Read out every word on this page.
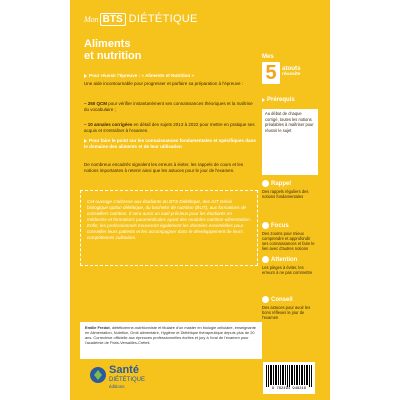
Mon BTS DIÉTÉTIQUE
Aliments
et nutrition
Pour réussir l'épreuve : « Aliments et Nutrition »
Une aide incontournable pour progresser et parfaire sa préparation à l'épreuve :
– 250 QCM pour vérifier instantanément ses connaissances théoriques et la maîtrise du vocabulaire ;
– 10 annales corrigées en détail des sujets 2013 à 2022 pour mettre en pratique ses acquis et s'entraîner à l'examen.
Pour faire le point sur les connaissances fondamentales et spécifiques dans le domaine des aliments et de leur utilisation
De nombreux encadrés signalent les erreurs à éviter, les rappels de cours et les notions importantes à retenir ainsi que les astuces pour le jour de l'examen.
Cet ouvrage s'adresse aux étudiants du BTS Diététique, des IUT Génie biologique option diététique, du bachelor de nutrition (BUT), aux formations de conseillers nutrition. Il sera aussi un outil précieux pour les étudiants en médecine et formations paramédicales ayant des modules nutrition-alimentation. Enfin, les professionnels trouveront également les données essentielles pour conseiller leurs patients et les accompagner dans le développement de leurs compétences culinaires.
Emilie Fredot, diététicienne-nutritionniste et titulaire d'un master en biologie cellulaire, enseignante en Alimentation, Nutrition, Droit alimentaire, Hygiène et Diététique thérapeutique depuis plus de 20 ans. Correctrice officielle aux épreuves professionnelles écrites et jury à l'oral de l'examen pour l'académie de Paris-Versailles-Créteil.
Santé
DIÉTÉTIQUE
éditions	9 782491 948219
Mes
5 atouts
réussite
Prérequis
Au début de chaque corrigé, toutes les notions préalables à maîtriser pour réussir le sujet
Rappel
Des rappels réguliers des notions fondamentales
Focus
Des zooms pour mieux comprendre et approfondir ses connaissances et faire le lien avec d'autres notions
Attention
Les pièges à éviter, les erreurs à ne pas commettre
Conseil
Des astuces pour avoir les bons réflexes le jour de l'examen
